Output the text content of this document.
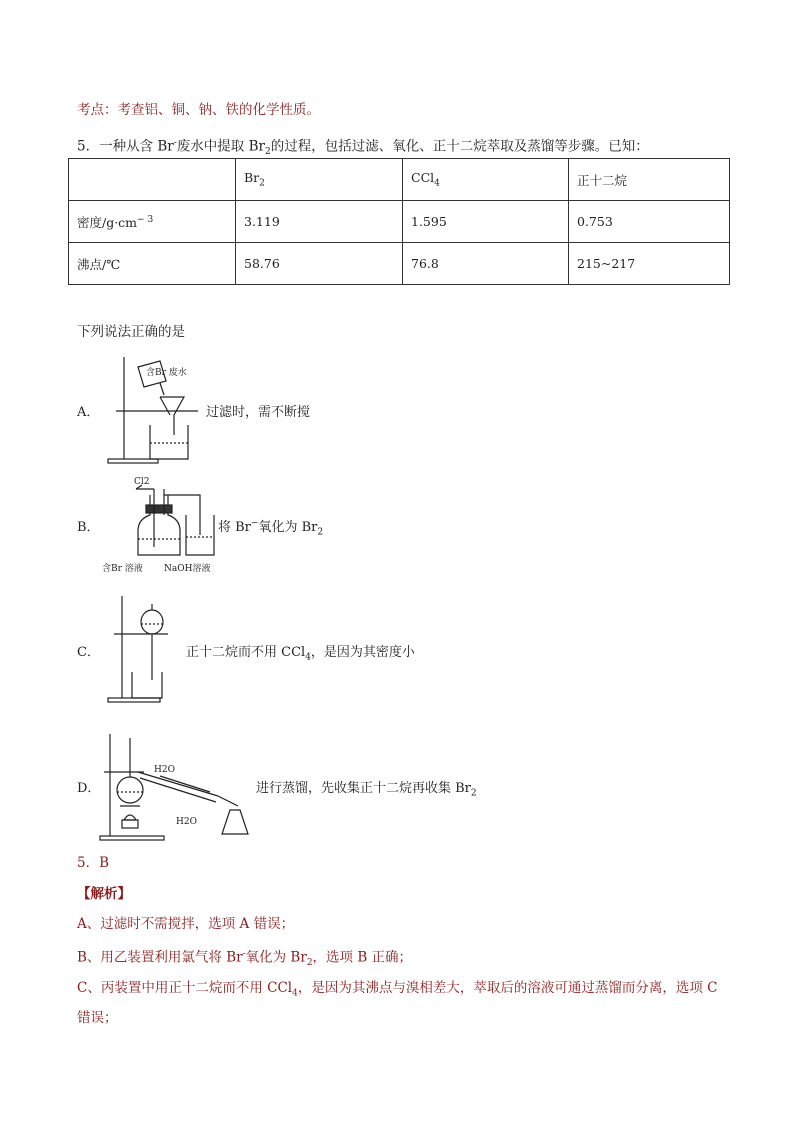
考点：考查铝、铜、钠、铁的化学性质。
5．一种从含 Br-废水中提取 $Br_2$的过程，包括过滤、氧化、正十二烷萃取及蒸馏等步骤。已知：
	$Br_2$	CCl$_4$	正十二烷
密度$/g\cdot cm^{- 3}$	3.119	1.595	0.753
沸点/℃	58.76	76.8	215~217
下列说法正确的是
A．
含Br 废水
过滤时，需不断搅
B．
Cl2
含Br 溶液 NaOH溶液
将 Br−氧化为 $Br_2$
C．	正十二烷而不用 CCl$_4$，是因为其密度小
D．
H2O
H2O
进行蒸馏，先收集正十二烷再收集 $Br_2$
5．B
【解析】
A、过滤时不需搅拌，选项 A 错误；
B、用乙装置利用氯气将 Br-氧化为 $Br_2$，选项 B 正确；
C、丙装置中用正十二烷而不用 CCl$_4$，是因为其沸点与溴相差大，萃取后的溶液可通过蒸馏而分离，选项 C
错误；
